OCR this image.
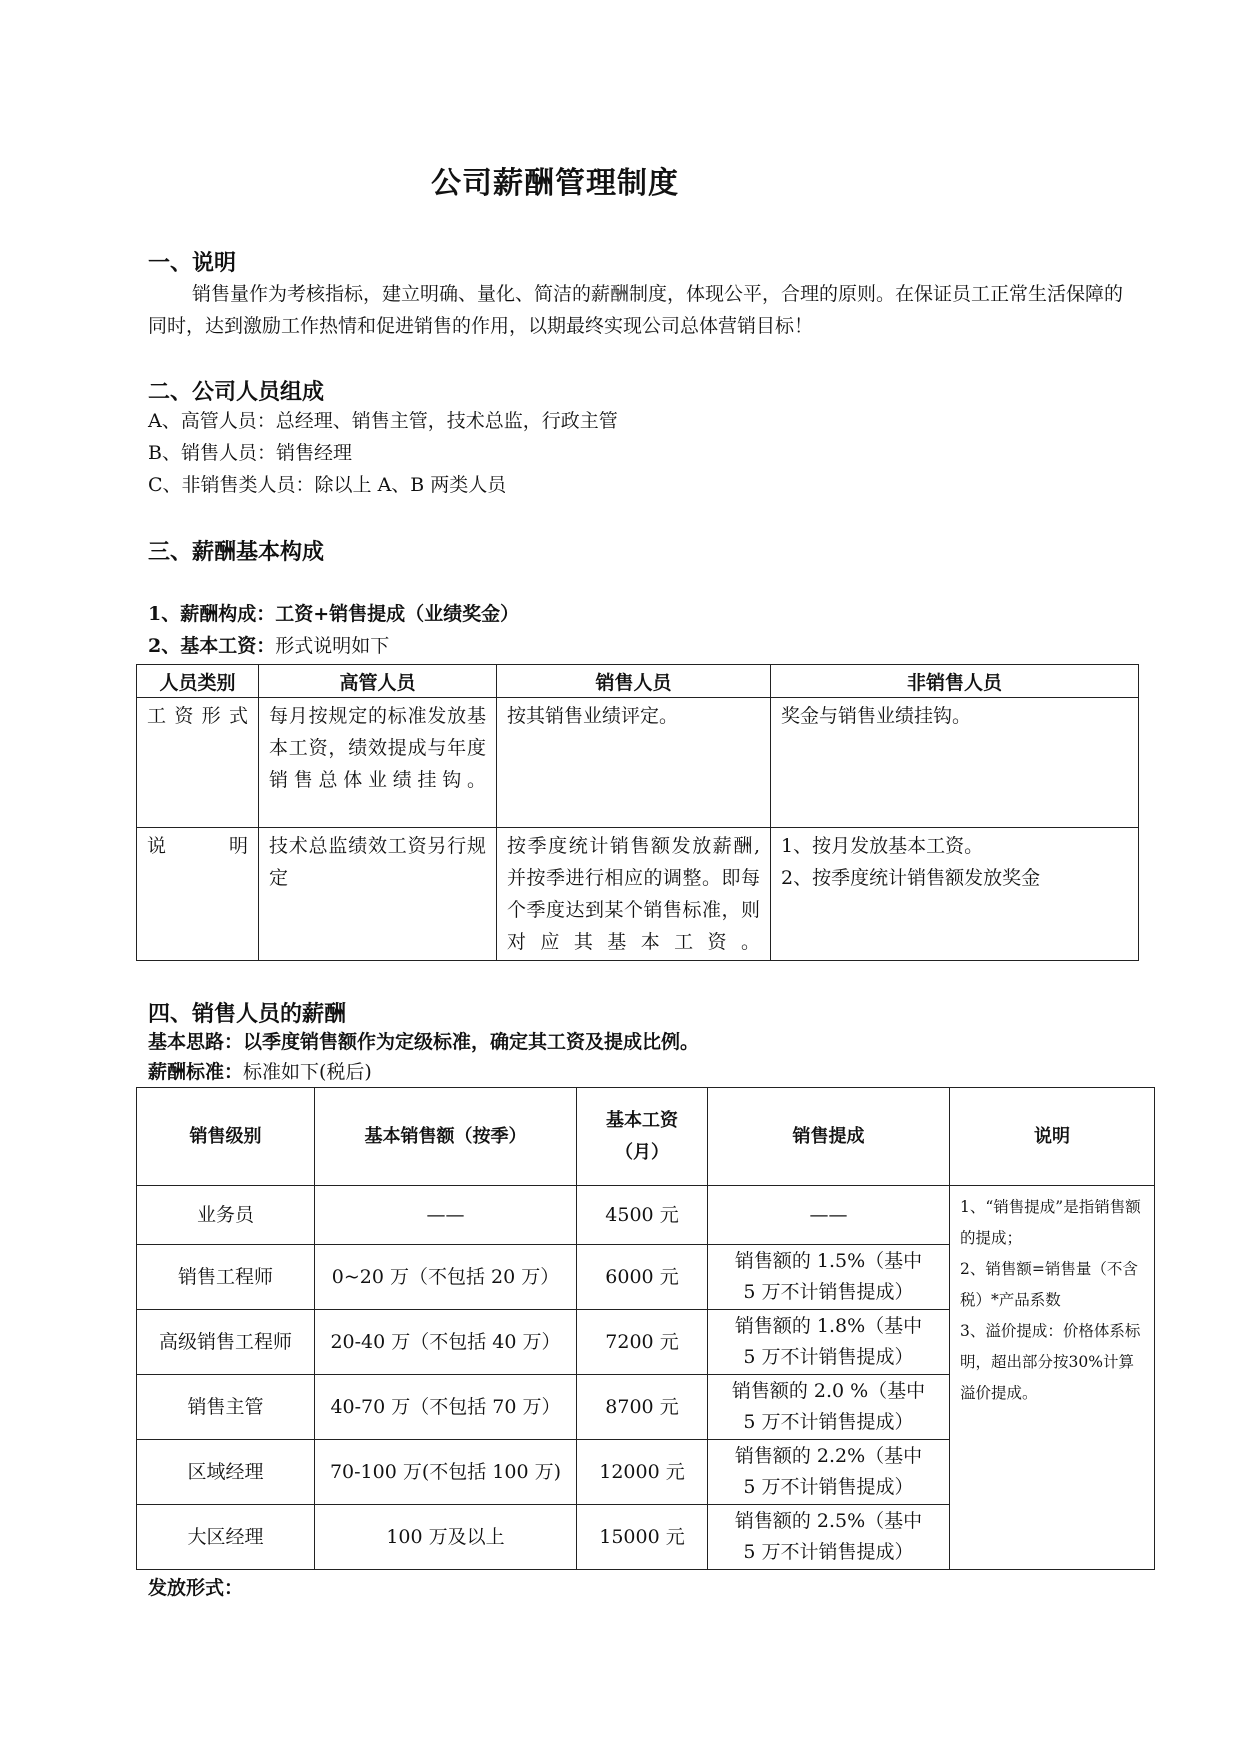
公司薪酬管理制度
一、说明
销售量作为考核指标，建立明确、量化、简洁的薪酬制度，体现公平，合理的原则。在保证员工正常生活保障的同时，达到激励工作热情和促进销售的作用，以期最终实现公司总体营销目标！
二、公司人员组成
A、高管人员：总经理、销售主管，技术总监，行政主管
B、销售人员：销售经理
C、非销售类人员：除以上 A、B 两类人员
三、薪酬基本构成
1、薪酬构成：工资+销售提成（业绩奖金）
2、基本工资：形式说明如下
人员类别	高管人员	销售人员	非销售人员
工资形式	每月按规定的标准发放基本工资，绩效提成与年度销售总体业绩挂钩。	按其销售业绩评定。	奖金与销售业绩挂钩。
说明	技术总监绩效工资另行规定	按季度统计销售额发放薪酬,并按季进行相应的调整。即每个季度达到某个销售标准，则对应其基本工资。	1、按月发放基本工资。
2、按季度统计销售额发放奖金
四、销售人员的薪酬
基本思路：以季度销售额作为定级标准，确定其工资及提成比例。
薪酬标准：标准如下(税后)
销售级别	基本销售额（按季）	基本工资
（月）	销售提成	说明
业务员	——	4500 元	——	1、“销售提成”是指销售额的提成；
2、销售额=销售量（不含税）*产品系数
3、溢价提成：价格体系标明，超出部分按30%计算溢价提成。

销售工程师	0~20 万（不包括 20 万）	6000 元	销售额的 1.5%（基中
5 万不计销售提成）	

高级销售工程师	20-40 万（不包括 40 万）	7200 元	销售额的 1.8%（基中
5 万不计销售提成）	

销售主管	40-70 万（不包括 70 万）	8700 元	销售额的 2.0 %（基中
5 万不计销售提成）	

区域经理	70-100 万(不包括 100 万)	12000 元	销售额的 2.2%（基中
5 万不计销售提成）	

大区经理	100 万及以上	15000 元	销售额的 2.5%（基中
5 万不计销售提成）	
发放形式：
